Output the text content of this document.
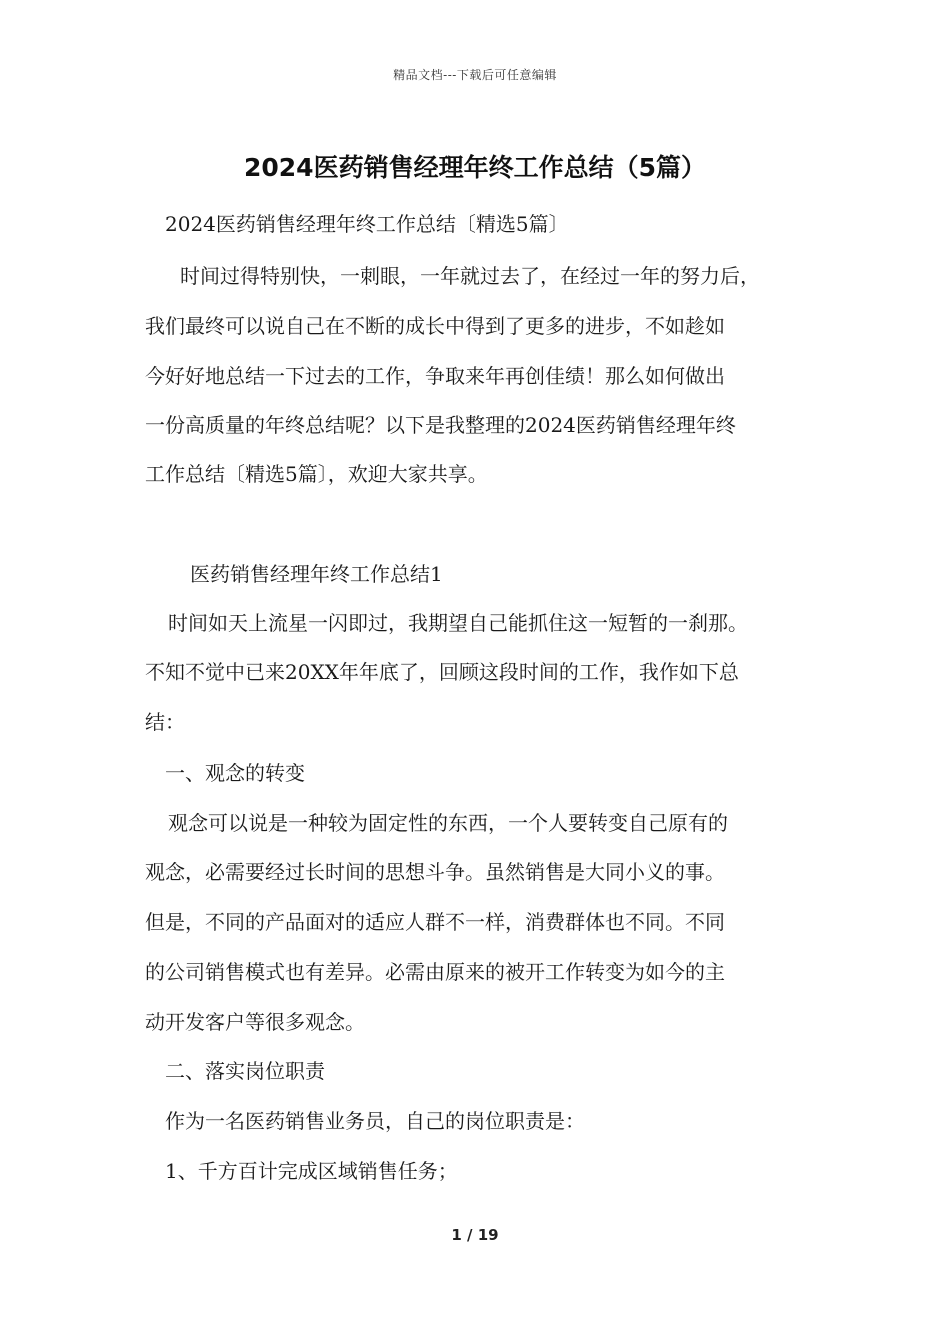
精品文档---下载后可任意编辑
2024医药销售经理年终工作总结（5篇）
2024医药销售经理年终工作总结〔精选5篇〕
时间过得特别快，一刺眼，一年就过去了，在经过一年的努力后，
我们最终可以说自己在不断的成长中得到了更多的进步，不如趁如
今好好地总结一下过去的工作，争取来年再创佳绩！那么如何做出
一份高质量的年终总结呢？以下是我整理的2024医药销售经理年终
工作总结〔精选5篇〕，欢迎大家共享。
医药销售经理年终工作总结1
时间如天上流星一闪即过，我期望自己能抓住这一短暂的一刹那。
不知不觉中已来20XX年年底了，回顾这段时间的工作，我作如下总
结：
一、观念的转变
观念可以说是一种较为固定性的东西，一个人要转变自己原有的
观念，必需要经过长时间的思想斗争。虽然销售是大同小义的事。
但是，不同的产品面对的适应人群不一样，消费群体也不同。不同
的公司销售模式也有差异。必需由原来的被开工作转变为如今的主
动开发客户等很多观念。
二、落实岗位职责
作为一名医药销售业务员，自己的岗位职责是：
1、千方百计完成区域销售任务；
1 / 19
